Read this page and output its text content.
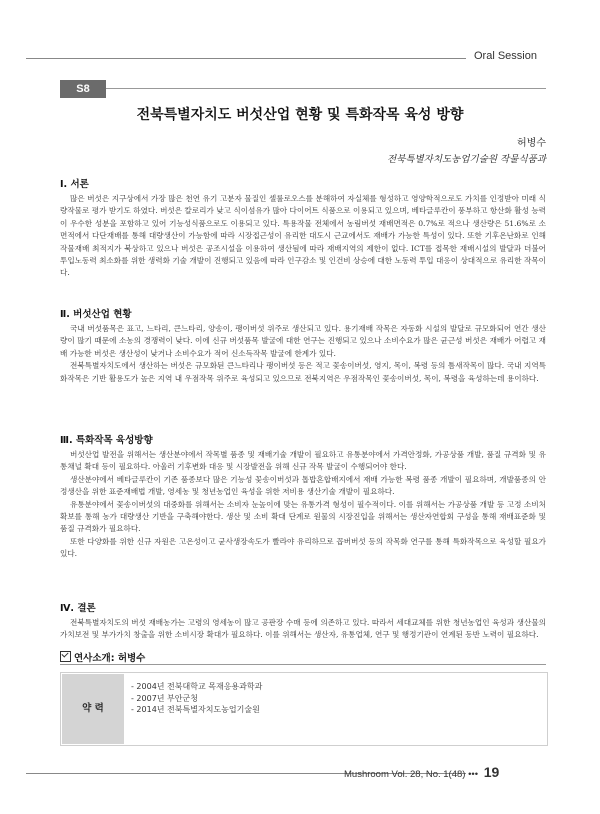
Oral Session
S8
전북특별자치도 버섯산업 현황 및 특화작목 육성 방향
허병수
전북특별자치도농업기술원 작물식품과
Ⅰ. 서론

많은 버섯은 지구상에서 가장 많은 천연 유기 고분자 물질인 셀룰로오스를 분해하여 자실체를 형성하고 영양학적으로도 가치를 인정받아 미래 식량작물로 평가 받기도 하였다. 버섯은 칼로리가 낮고 식이섬유가 많아 다이어트 식품으로 이용되고 있으며, 베타글루칸이 풍부하고 항산화 활성 능력이 우수한 성분을 포함하고 있어 기능성식품으로도 이용되고 있다. 특용작물 전체에서 농림버섯 재배면적은 0.7%로 적으나 생산량은 51.6%로 소면적에서 다단재배를 통해 대량생산이 가능함에 따라 시장접근성이 유리한 대도시 근교에서도 재배가 가능한 특성이 있다. 또한 기후온난화로 인해 작물재배 최적지가 북상하고 있으나 버섯은 공조시설을 이용하여 생산됨에 따라 재배지역의 제한이 없다. ICT를 접목한 재배시설의 발달과 더불어 투입노동력 최소화를 위한 생력화 기술 개발이 진행되고 있음에 따라 인구감소 및 인건비 상승에 대한 노동력 투입 대응이 상대적으로 유리한 작목이다.

Ⅱ. 버섯산업 현황

국내 버섯품목은 표고, 느타리, 큰느타리, 양송이, 팽이버섯 위주로 생산되고 있다. 용기재배 작목은 자동화 시설의 발달로 규모화되어 연간 생산량이 많기 때문에 소농의 경쟁력이 낮다. 이에 신규 버섯품목 발굴에 대한 연구는 진행되고 있으나 소비수요가 많은 균근성 버섯은 재배가 어렵고 재배 가능한 버섯은 생산성이 낮거나 소비수요가 적어 신소득작목 발굴에 한계가 있다.

전북특별자치도에서 생산하는 버섯은 규모화된 큰느타리나 팽이버섯 등은 적고 꽃송이버섯, 영지, 목이, 복령 등의 틈새작목이 많다. 국내 지역특화작목은 기반 활용도가 높은 지역 내 우점작목 위주로 육성되고 있으므로 전북지역은 우점작목인 꽃송이버섯, 목이, 복령을 육성하는데 용이하다.

Ⅲ. 특화작목 육성방향

버섯산업 발전을 위해서는 생산분야에서 작목별 품종 및 재배기술 개발이 필요하고 유통분야에서 가격안정화, 가공상품 개발, 품질 규격화 및 유통채널 확대 등이 필요하다. 아울러 기후변화 대응 및 시장발전을 위해 신규 작목 발굴이 수행되어야 한다.

생산분야에서 베타글루칸이 기존 품종보다 많은 기능성 꽃송이버섯과 톱밥혼합배지에서 재배 가능한 복령 품종 개발이 필요하며, 개발품종의 안정생산을 위한 표준재배법 개발, 영세농 및 청년농업인 육성을 위한 저비용 생산기술 개발이 필요하다.

유통분야에서 꽃송이버섯의 대중화를 위해서는 소비자 눈높이에 맞는 유통가격 형성이 필수적이다. 이를 위해서는 가공상품 개발 등 고정 소비처 확보를 통해 농가 대량생산 기반을 구축해야한다. 생산 및 소비 확대 단계로 원물의 시장진입을 위해서는 생산자연합회 구성을 통해 재배표준화 및 품질 규격화가 필요하다.

또한 다양화를 위한 신규 자원은 고온성이고 균사생장속도가 빨라야 유리하므로 꼽버버섯 등의 작목화 연구를 통해 특화작목으로 육성할 필요가 있다.

Ⅳ. 결론

전북특별자치도의 버섯 재배농가는 고령의 영세농이 많고 공판장 수매 등에 의존하고 있다. 따라서 세대교체를 위한 청년농업인 육성과 생산물의 가치보전 및 부가가치 창출을 위한 소비시장 확대가 필요하다. 이를 위해서는 생산자, 유통업체, 연구 및 행정기관이 연계된 동반 노력이 필요하다.

연사소개: 허병수
약 력
- 2004년 전북대학교 목재응용과학과
- 2007년 부안군청
- 2014년 전북특별자치도농업기술원
Mushroom Vol. 28, No. 1(48) ••• 19
